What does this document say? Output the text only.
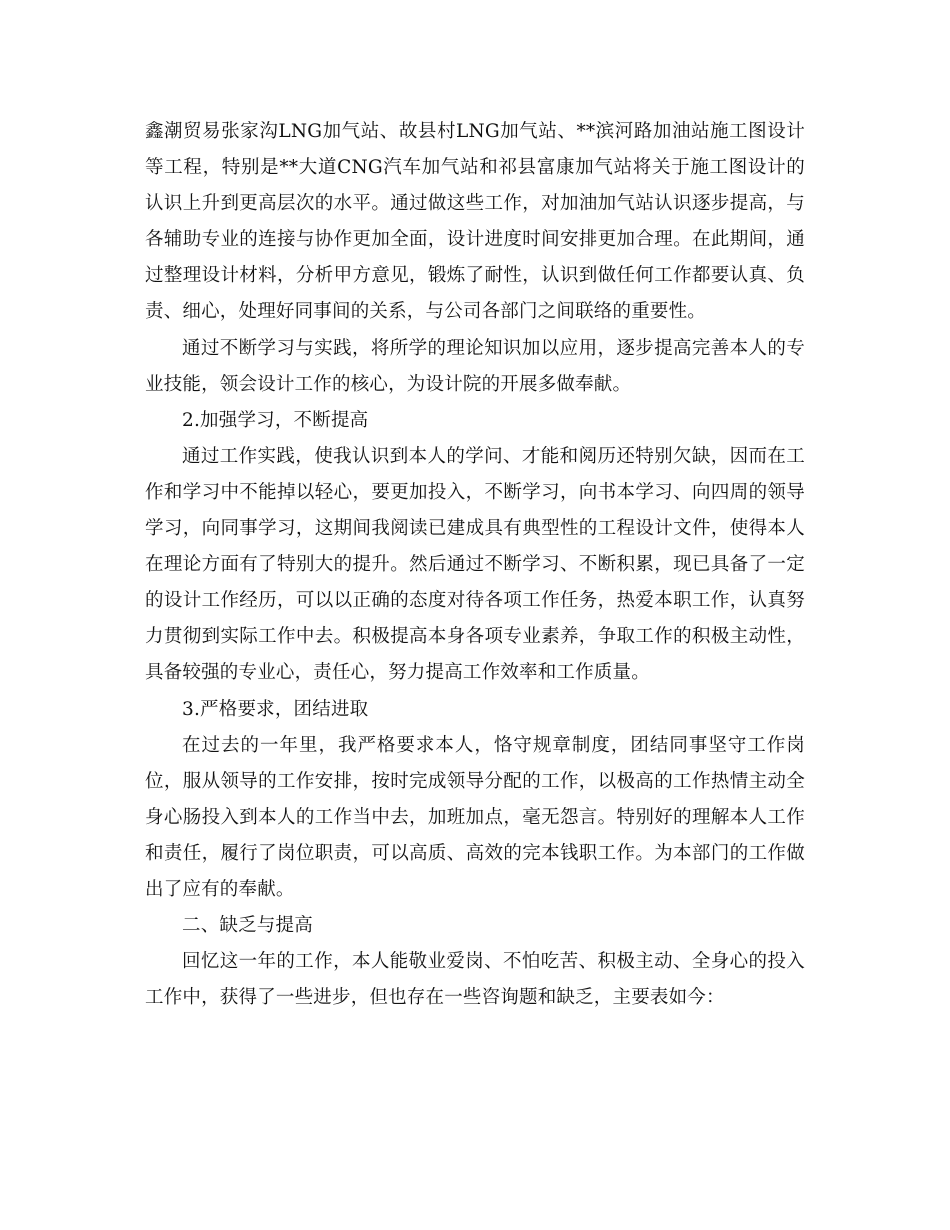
鑫潮贸易张家沟LNG加气站、故县村LNG加气站、**滨河路加油站施工图设计等工程，特别是**大道CNG汽车加气站和祁县富康加气站将关于施工图设计的认识上升到更高层次的水平。通过做这些工作，对加油加气站认识逐步提高，与各辅助专业的连接与协作更加全面，设计进度时间安排更加合理。在此期间，通过整理设计材料，分析甲方意见，锻炼了耐性，认识到做任何工作都要认真、负责、细心，处理好同事间的关系，与公司各部门之间联络的重要性。

通过不断学习与实践，将所学的理论知识加以应用，逐步提高完善本人的专业技能，领会设计工作的核心，为设计院的开展多做奉献。

2.加强学习，不断提高

通过工作实践，使我认识到本人的学问、才能和阅历还特别欠缺，因而在工作和学习中不能掉以轻心，要更加投入，不断学习，向书本学习、向四周的领导学习，向同事学习，这期间我阅读已建成具有典型性的工程设计文件，使得本人在理论方面有了特别大的提升。然后通过不断学习、不断积累，现已具备了一定的设计工作经历，可以以正确的态度对待各项工作任务，热爱本职工作，认真努力贯彻到实际工作中去。积极提高本身各项专业素养，争取工作的积极主动性，具备较强的专业心，责任心，努力提高工作效率和工作质量。

3.严格要求，团结进取

在过去的一年里，我严格要求本人，恪守规章制度，团结同事坚守工作岗位，服从领导的工作安排，按时完成领导分配的工作，以极高的工作热情主动全身心肠投入到本人的工作当中去，加班加点，毫无怨言。特别好的理解本人工作和责任，履行了岗位职责，可以高质、高效的完本钱职工作。为本部门的工作做出了应有的奉献。

二、缺乏与提高

回忆这一年的工作，本人能敬业爱岗、不怕吃苦、积极主动、全身心的投入工作中，获得了一些进步，但也存在一些咨询题和缺乏，主要表如今：
